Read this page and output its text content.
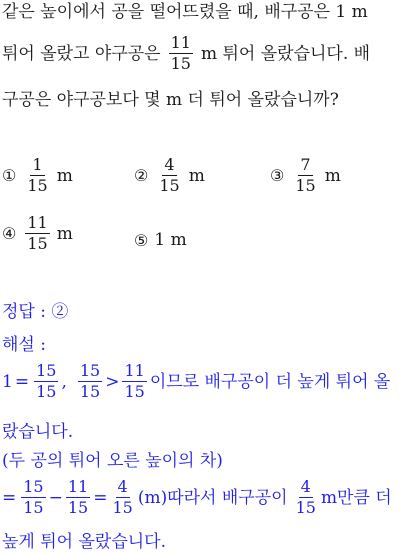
같은 높이에서 공을 떨어뜨렸을 때, 배구공은 1 m
튀어 올랐고 야구공은 $\frac{11}{15}$ m 튀어 올랐습니다. 배
구공은 야구공보다 몇 m 더 튀어 올랐습니까?
① $\frac{1}{15}$ m	② $\frac{4}{15}$ m	③ $\frac{7}{15}$ m
④ $\frac{11}{15}$ m	⑤ 1 m
정답 : ②
해설 :
$1 = \frac{15}{15}$ , $\frac{15}{15} > \frac{11}{15}$ 이므로 배구공이 더 높게 튀어 올
랐습니다.
(두 공의 튀어 오른 높이의 차)
= $\frac{15}{15} - \frac{11}{15} = \frac{4}{15} (m)$따라서 배구공이 $\frac{4}{15}$ m만큼 더
높게 튀어 올랐습니다.
